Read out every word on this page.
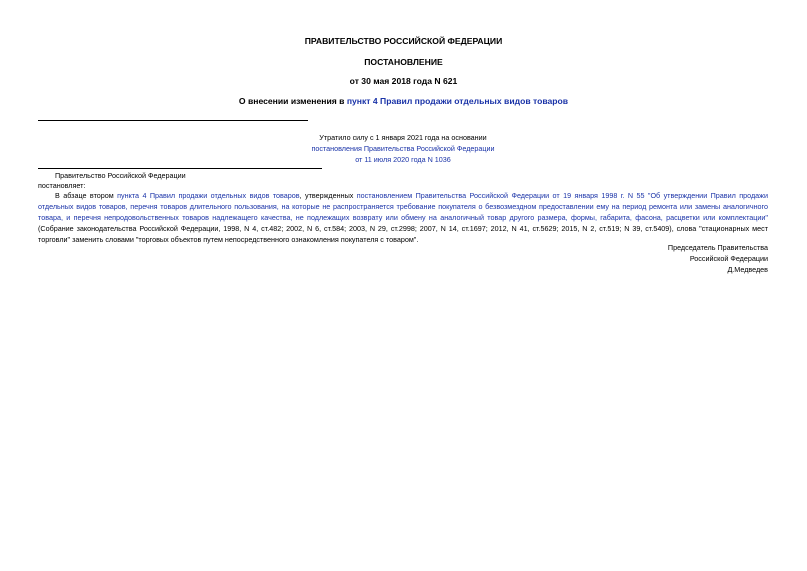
ПРАВИТЕЛЬСТВО РОССИЙСКОЙ ФЕДЕРАЦИИ
ПОСТАНОВЛЕНИЕ
от 30 мая 2018 года N 621
О внесении изменения в пункт 4 Правил продажи отдельных видов товаров
Утратило силу с 1 января 2021 года на основании
постановления Правительства Российской Федерации
от 11 июля 2020 года N 1036
Правительство Российской Федерации
постановляет:
В абзаце втором пункта 4 Правил продажи отдельных видов товаров, утвержденных постановлением Правительства Российской Федерации от 19 января 1998 г. N 55 "Об утверждении Правил продажи отдельных видов товаров, перечня товаров длительного пользования, на которые не распространяется требование покупателя о безвозмездном предоставлении ему на период ремонта или замены аналогичного товара, и перечня непродовольственных товаров надлежащего качества, не подлежащих возврату или обмену на аналогичный товар другого размера, формы, габарита, фасона, расцветки или комплектации" (Собрание законодательства Российской Федерации, 1998, N 4, ст.482; 2002, N 6, ст.584; 2003, N 29, ст.2998; 2007, N 14, ст.1697; 2012, N 41, ст.5629; 2015, N 2, ст.519; N 39, ст.5409), слова "стационарных мест торговли" заменить словами "торговых объектов путем непосредственного ознакомления покупателя с товаром".
Председатель Правительства
Российской Федерации
Д.Медведев
